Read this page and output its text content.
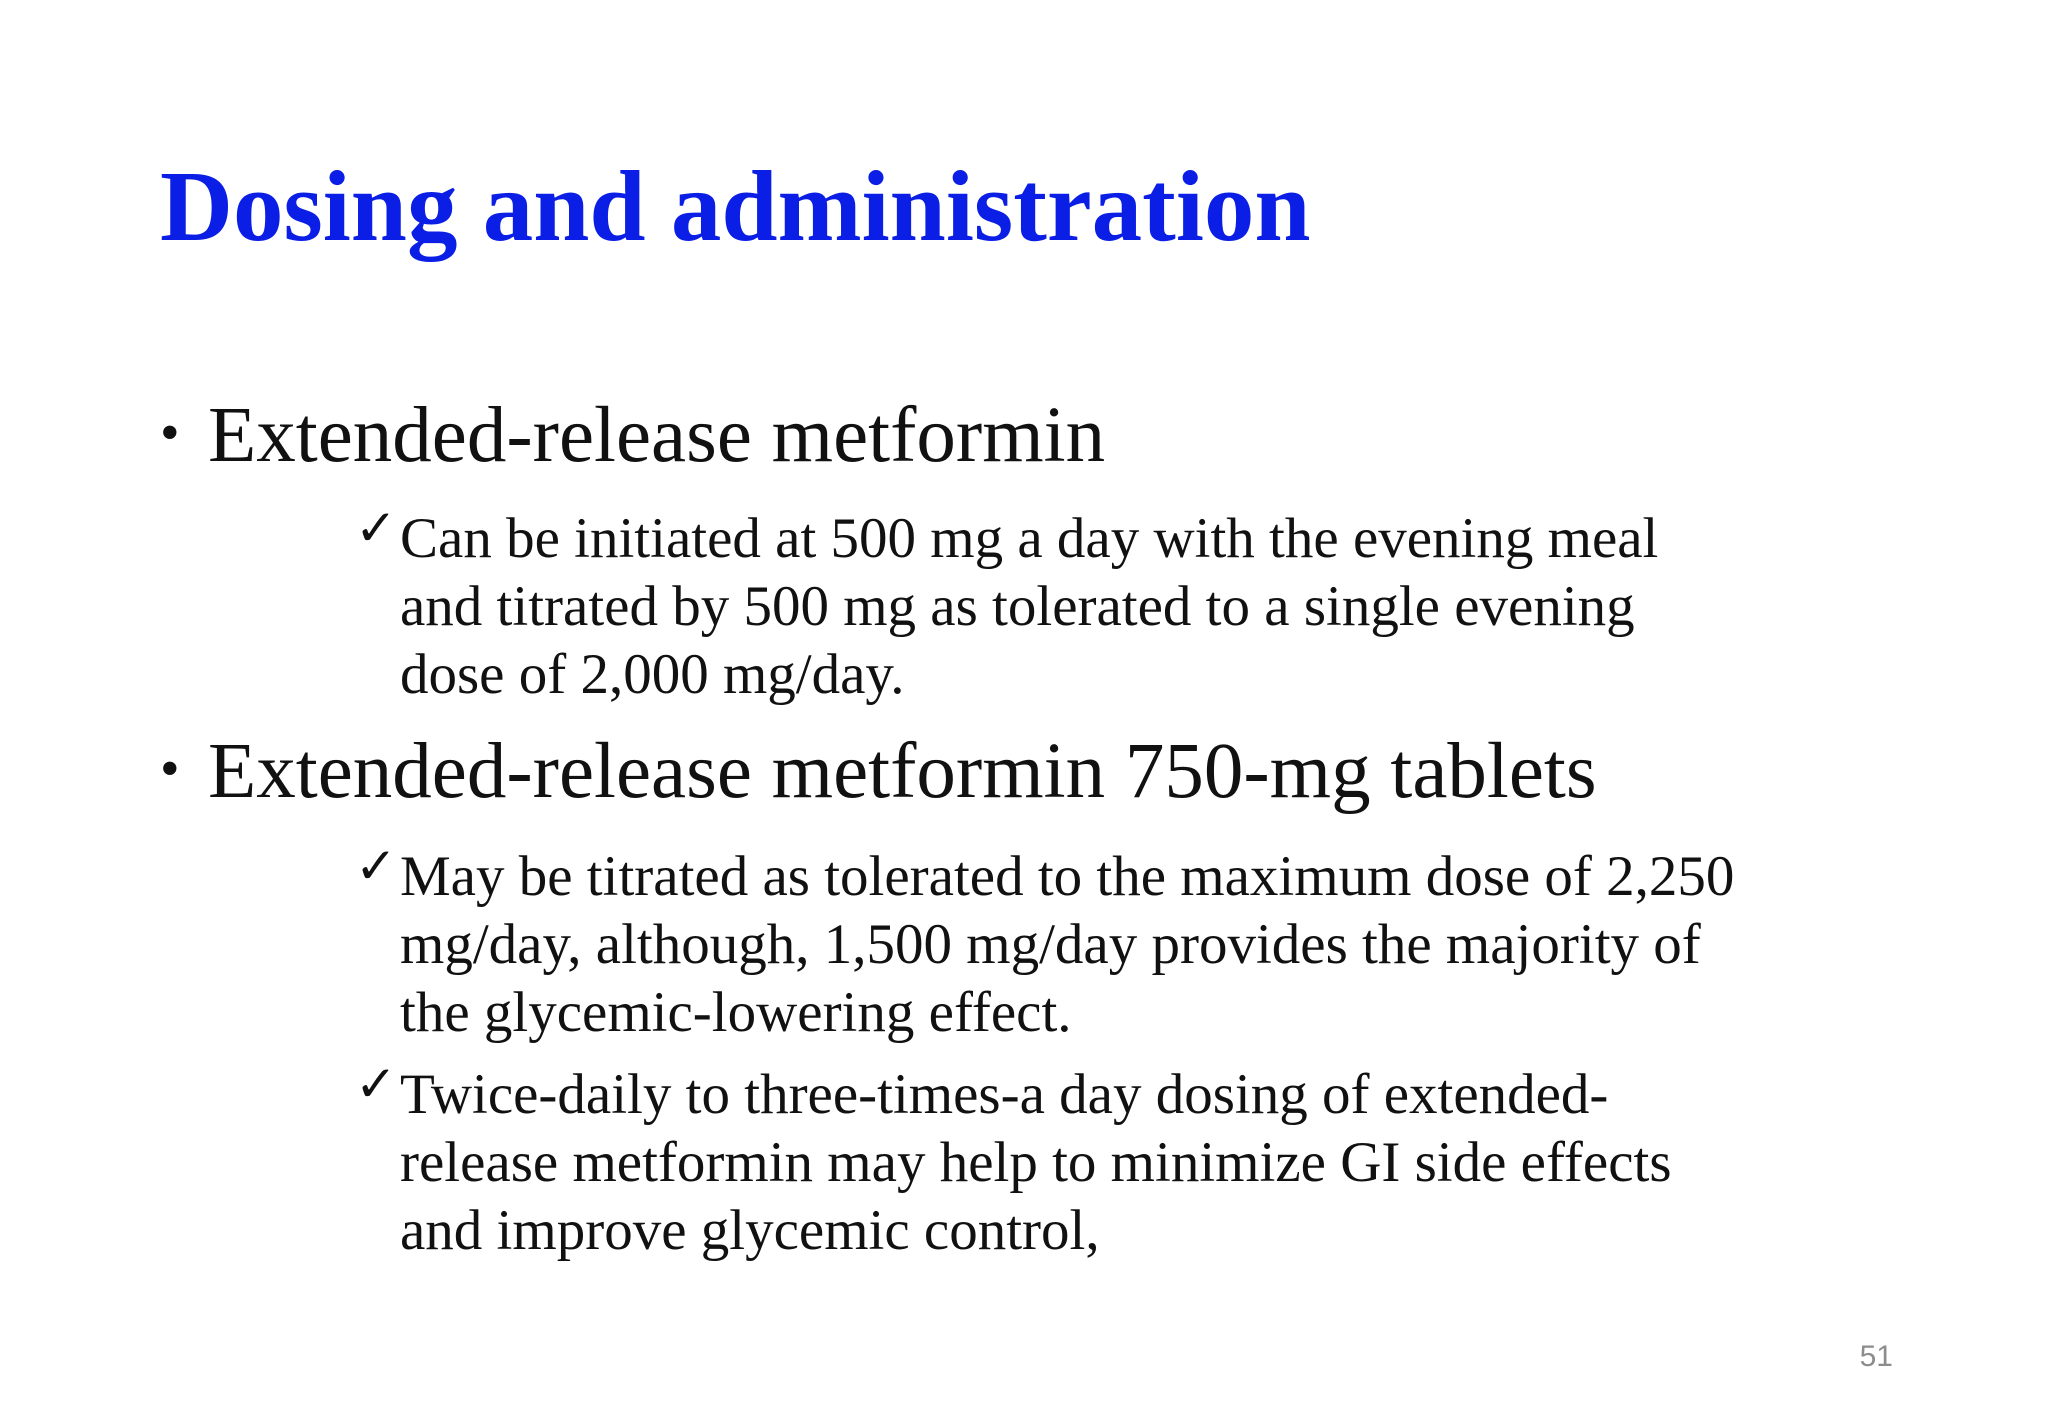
Dosing and administration
• Extended-release metformin
✓Can be initiated at 500 mg a day with the evening meal
and titrated by 500 mg as tolerated to a single evening
dose of 2,000 mg/day.
• Extended-release metformin 750-mg tablets
✓May be titrated as tolerated to the maximum dose of 2,250
mg/day, although, 1,500 mg/day provides the majority of
the glycemic-lowering effect.
✓Twice-daily to three-times-a day dosing of extended-
release metformin may help to minimize GI side effects
and improve glycemic control,
51
